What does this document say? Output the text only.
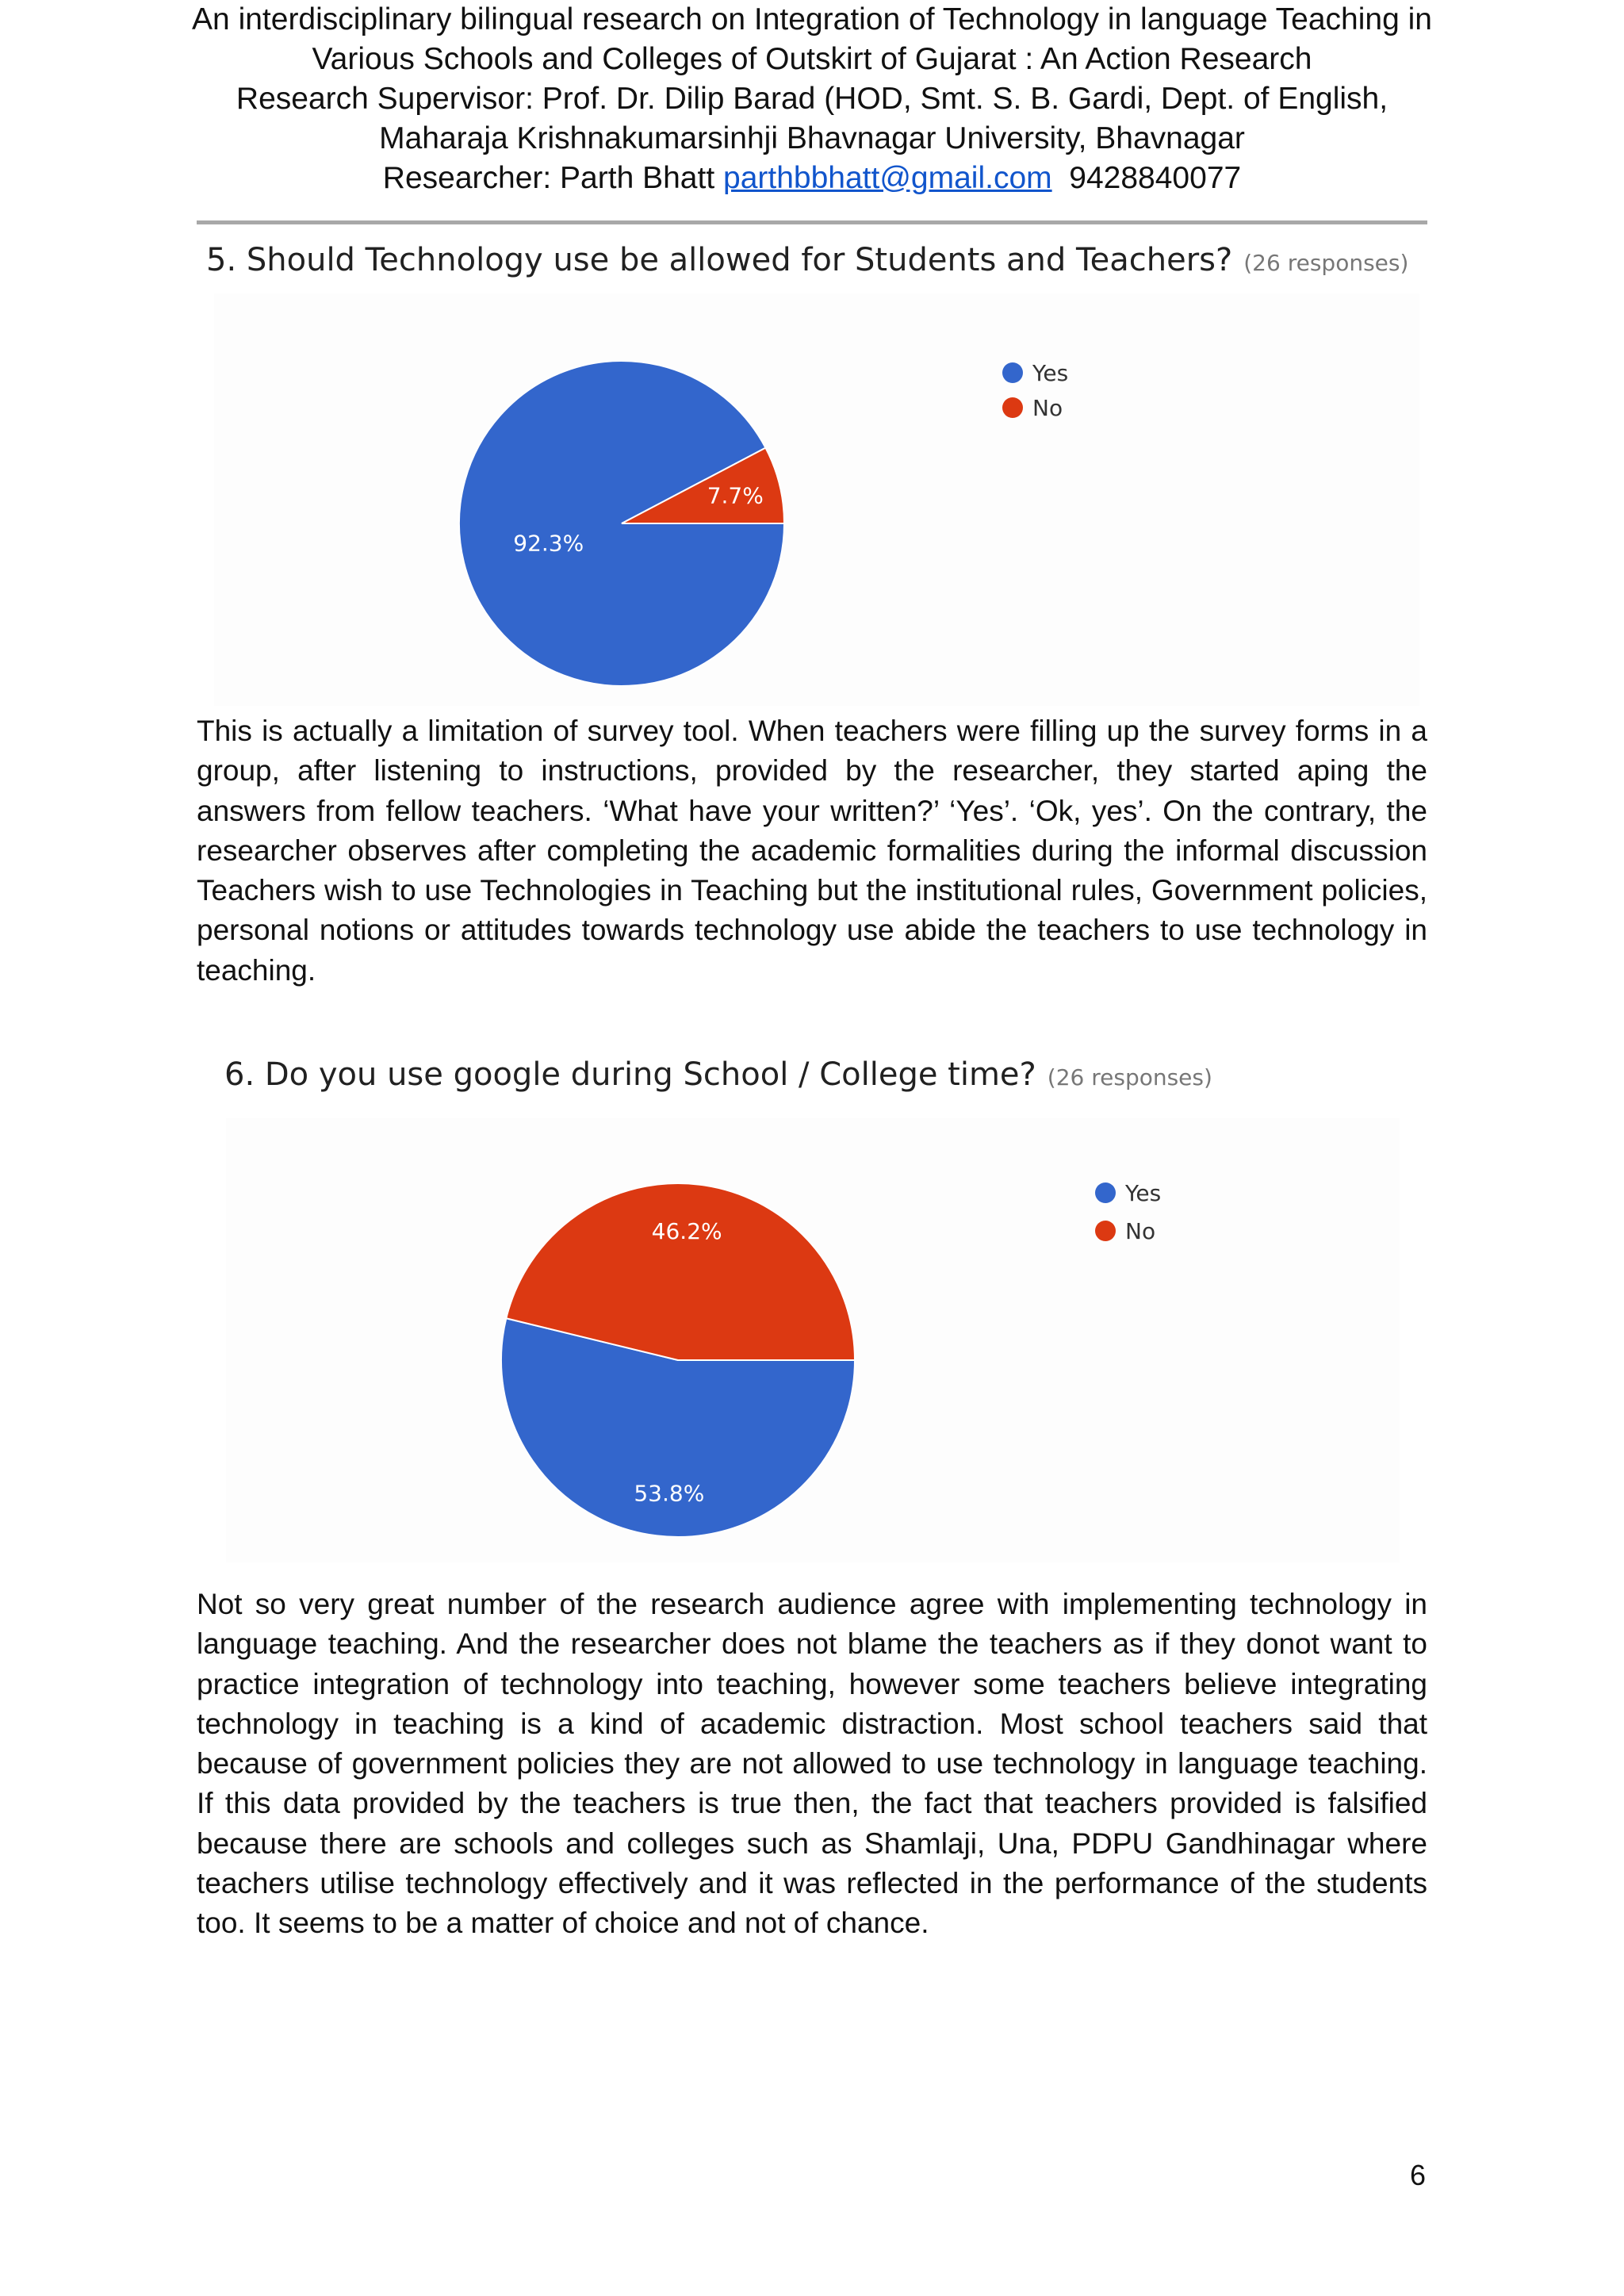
An interdisciplinary bilingual research on Integration of Technology in language Teaching in
Various Schools and Colleges of Outskirt of Gujarat : An Action Research
Research Supervisor: Prof. Dr. Dilip Barad (HOD, Smt. S. B. Gardi, Dept. of English,
Maharaja Krishnakumarsinhji Bhavnagar University, Bhavnagar
Researcher: Parth Bhatt parthbbhatt@gmail.com 9428840077
5. Should Technology use be allowed for Students and Teachers? (26 responses)
92.3%
7.7%
Yes
No
This is actually a limitation of survey tool. When teachers were filling up the survey forms in a group, after listening to instructions, provided by the researcher, they started aping the answers from fellow teachers. ‘What have your written?’ ‘Yes’. ‘Ok, yes’. On the contrary, the researcher observes after completing the academic formalities during the informal discussion Teachers wish to use Technologies in Teaching but the institutional rules, Government policies, personal notions or attitudes towards technology use abide the teachers to use technology in teaching.
6. Do you use google during School / College time? (26 responses)
53.8%
46.2%
Yes
No
Not so very great number of the research audience agree with implementing technology in language teaching. And the researcher does not blame the teachers as if they donot want to practice integration of technology into teaching, however some teachers believe integrating technology in teaching is a kind of academic distraction. Most school teachers said that because of government policies they are not allowed to use technology in language teaching. If this data provided by the teachers is true then, the fact that teachers provided is falsified because there are schools and colleges such as Shamlaji, Una, PDPU Gandhinagar where teachers utilise technology effectively and it was reflected in the performance of the students too. It seems to be a matter of choice and not of chance.
6
